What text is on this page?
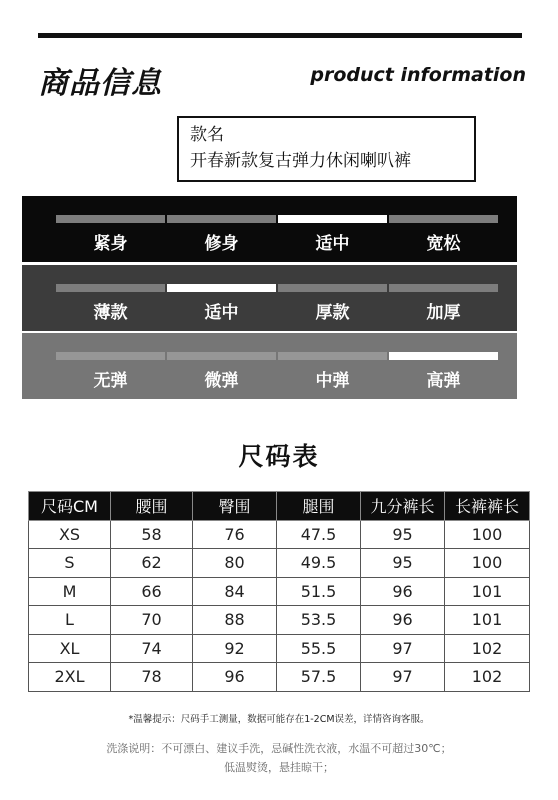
商品信息	product information
款名
开春新款复古弹力休闲喇叭裤
紧身	修身	适中	宽松
薄款	适中	厚款	加厚
无弹	微弹	中弹	高弹
尺码表
尺码CM	腰围	臀围	腿围	九分裤长	长裤裤长
XS	58	76	47.5	95	100
S	62	80	49.5	95	100
M	66	84	51.5	96	101
L	70	88	53.5	96	101
XL	74	92	55.5	97	102
2XL	78	96	57.5	97	102
*温馨提示：尺码手工测量，数据可能存在1-2CM误差，详情咨询客服。
洗涤说明：不可漂白、建议手洗，忌碱性洗衣液，水温不可超过30℃；
低温熨烫，悬挂晾干；
